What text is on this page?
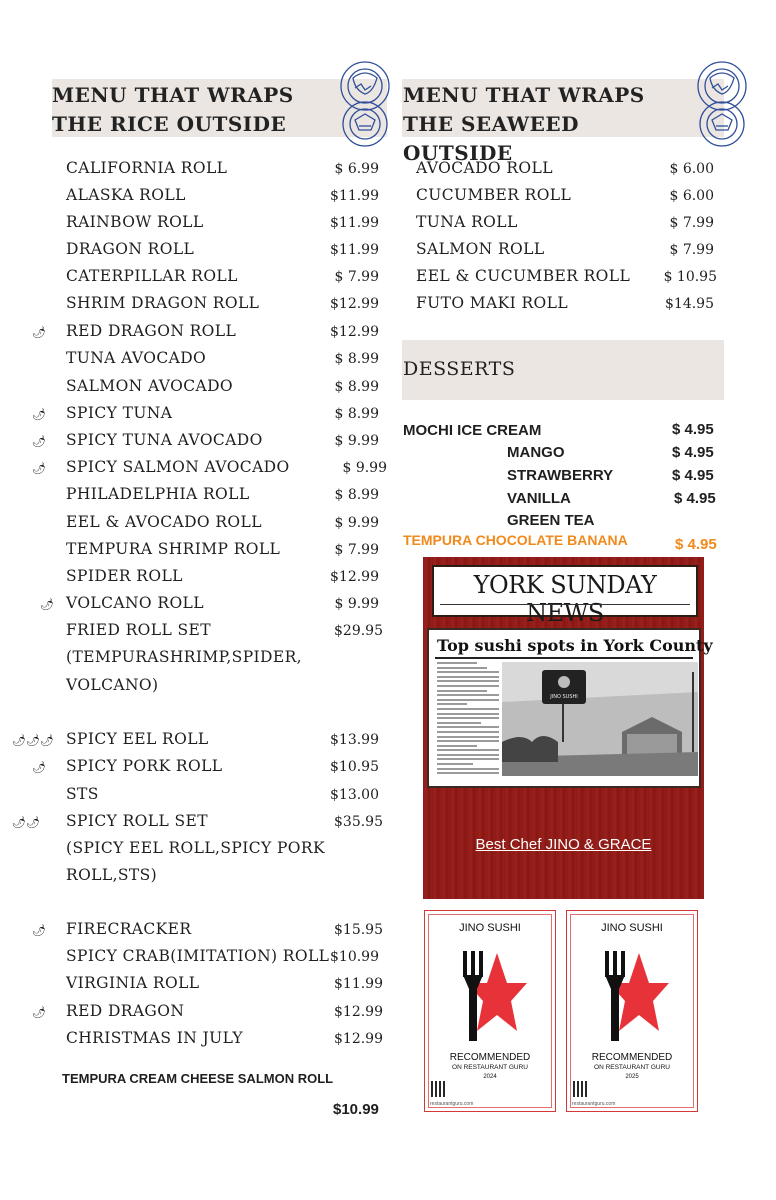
MENU THAT WRAPS THE RICE OUTSIDE
MENU THAT WRAPS THE SEAWEED OUTSIDE
CALIFORNIA ROLL	$ 6.99
ALASKA ROLL	$11.99
RAINBOW ROLL	$11.99
DRAGON ROLL	$11.99
CATERPILLAR ROLL	$ 7.99
SHRIM DRAGON ROLL	$12.99
🌶 RED DRAGON ROLL	$12.99
TUNA AVOCADO	$ 8.99
SALMON AVOCADO	$ 8.99
🌶 SPICY TUNA	$ 8.99
🌶 SPICY TUNA AVOCADO	$ 9.99
🌶 SPICY SALMON AVOCADO	$ 9.99
PHILADELPHIA ROLL	$ 8.99
EEL & AVOCADO ROLL	$ 9.99
TEMPURA SHRIMP ROLL	$ 7.99
SPIDER ROLL	$12.99
🌶 VOLCANO ROLL	$ 9.99
FRIED ROLL SET	$29.95
(TEMPURASHRIMP,SPIDER,
VOLCANO)
🌶🌶🌶 SPICY EEL ROLL	$13.99
🌶 SPICY PORK ROLL	$10.95
STS	$13.00
🌶🌶 SPICY ROLL SET	$35.95
(SPICY EEL ROLL,SPICY PORK
ROLL,STS)
🌶 FIRECRACKER	$15.95
SPICY CRAB(IMITATION) ROLL $10.99
VIRGINIA ROLL	$11.99
🌶 RED DRAGON	$12.99
CHRISTMAS IN JULY	$12.99
TEMPURA CREAM CHEESE SALMON ROLL
$10.99
AVOCADO ROLL	$ 6.00
CUCUMBER ROLL	$ 6.00
TUNA ROLL	$ 7.99
SALMON ROLL	$ 7.99
EEL & CUCUMBER ROLL $ 10.95
FUTO MAKI ROLL	$14.95
DESSERTS
MOCHI ICE CREAM	$ 4.95
MANGO	$ 4.95
STRAWBERRY	$ 4.95
VANILLA	$ 4.95
GREEN TEA
TEMPURA CHOCOLATE BANANA	$ 4.95
YORK SUNDAY NEWS
Top sushi spots in York County
JINO SUSHI
Best Chef JINO & GRACE
JINO SUSHI
RECOMMENDED
ON RESTAURANT GURU
2024
restaurantguru.com
JINO SUSHI
RECOMMENDED
ON RESTAURANT GURU
2025
restaurantguru.com
